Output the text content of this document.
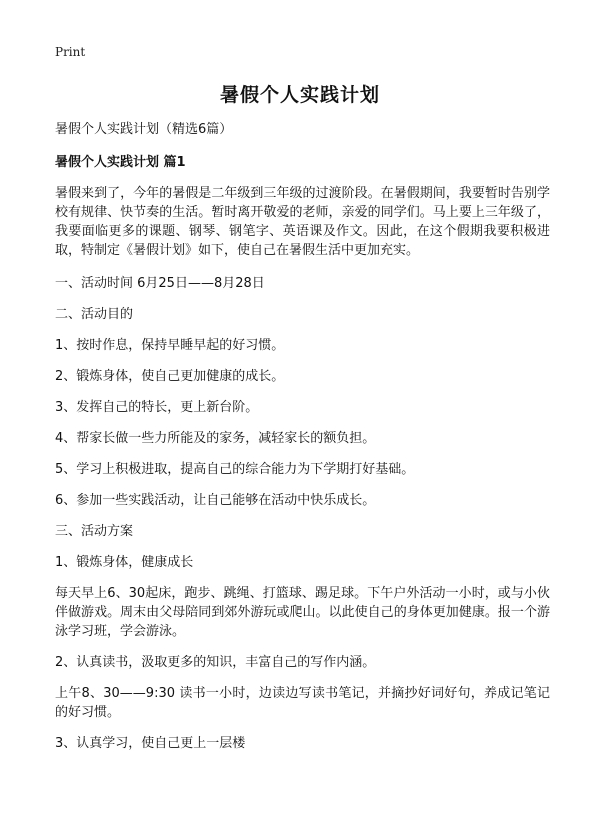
Print
暑假个人实践计划
暑假个人实践计划（精选6篇）
暑假个人实践计划 篇1
暑假来到了，今年的暑假是二年级到三年级的过渡阶段。在暑假期间，我要暂时告别学校有规律、快节奏的生活。暂时离开敬爱的老师，亲爱的同学们。马上要上三年级了，我要面临更多的课题、钢琴、钢笔字、英语课及作文。因此，在这个假期我要积极进取，特制定《暑假计划》如下，使自己在暑假生活中更加充实。
一、活动时间 6月25日——8月28日
二、活动目的
1、按时作息，保持早睡早起的好习惯。
2、锻炼身体，使自己更加健康的成长。
3、发挥自己的特长，更上新台阶。
4、帮家长做一些力所能及的家务，减轻家长的额负担。
5、学习上积极进取，提高自己的综合能力为下学期打好基础。
6、参加一些实践活动，让自己能够在活动中快乐成长。
三、活动方案
1、锻炼身体，健康成长
每天早上6、30起床，跑步、跳绳、打篮球、踢足球。下午户外活动一小时，或与小伙伴做游戏。周末由父母陪同到郊外游玩或爬山。以此使自己的身体更加健康。报一个游泳学习班，学会游泳。
2、认真读书，汲取更多的知识，丰富自己的写作内涵。
上午8、30——9:30 读书一小时，边读边写读书笔记，并摘抄好词好句，养成记笔记的好习惯。
3、认真学习，使自己更上一层楼
